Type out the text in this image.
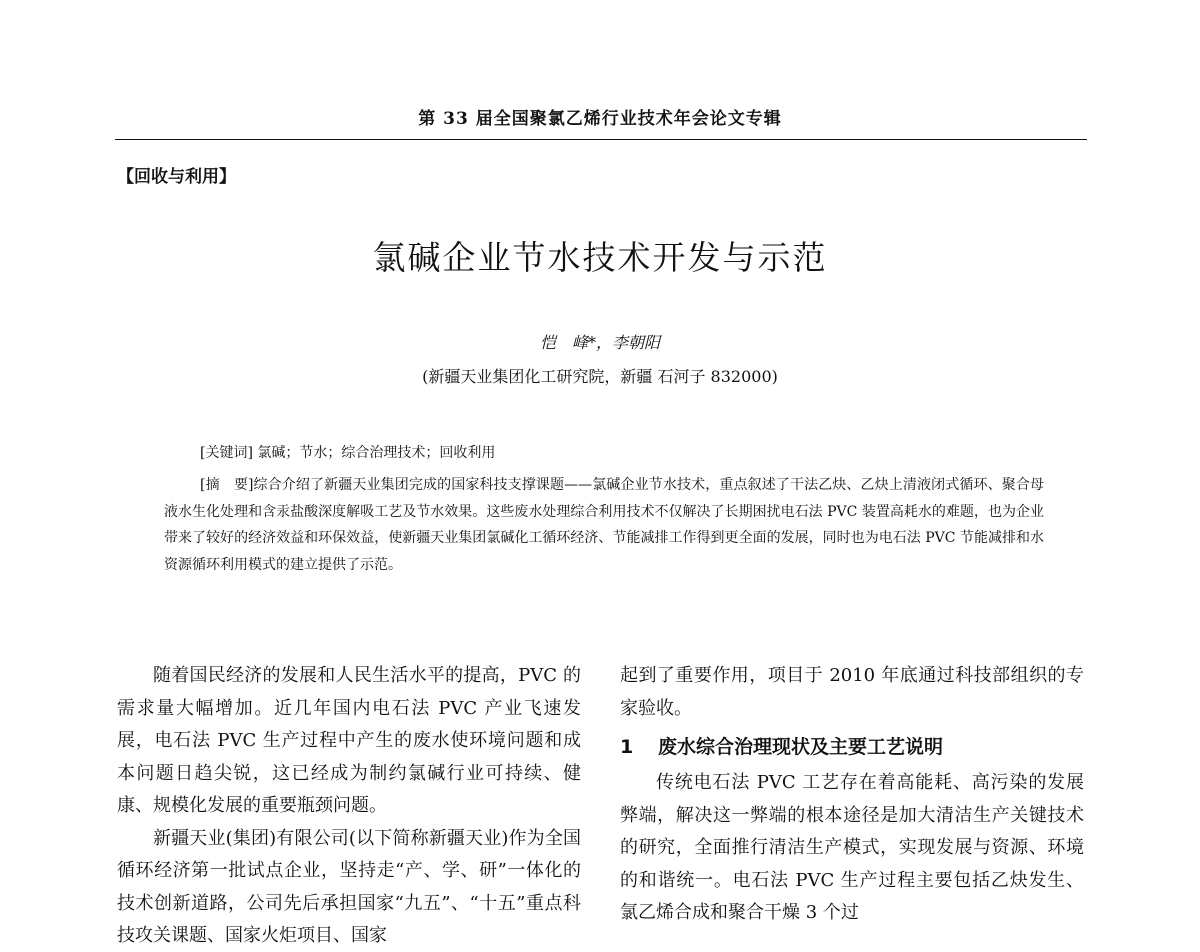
第 33 届全国聚氯乙烯行业技术年会论文专辑
【回收与利用】
氯碱企业节水技术开发与示范
恺　峰*，李朝阳
(新疆天业集团化工研究院，新疆 石河子 832000)
[关键词] 氯碱；节水；综合治理技术；回收利用
[摘　要]综合介绍了新疆天业集团完成的国家科技支撑课题——氯碱企业节水技术，重点叙述了干法乙炔、乙炔上清液闭式循环、聚合母液水生化处理和含汞盐酸深度解吸工艺及节水效果。这些废水处理综合利用技术不仅解决了长期困扰电石法 PVC 装置高耗水的难题，也为企业带来了较好的经济效益和环保效益，使新疆天业集团氯碱化工循环经济、节能减排工作得到更全面的发展，同时也为电石法 PVC 节能减排和水资源循环利用模式的建立提供了示范。

随着国民经济的发展和人民生活水平的提高，PVC 的需求量大幅增加。近几年国内电石法 PVC 产业飞速发展，电石法 PVC 生产过程中产生的废水使环境问题和成本问题日趋尖锐，这已经成为制约氯碱行业可持续、健康、规模化发展的重要瓶颈问题。

新疆天业(集团)有限公司(以下简称新疆天业)作为全国循环经济第一批试点企业，坚持走“产、学、研”一体化的技术创新道路，公司先后承担国家“九五”、“十五”重点科技攻关课题、国家火炬项目、国家

起到了重要作用，项目于 2010 年底通过科技部组织的专家验收。

1 废水综合治理现状及主要工艺说明

传统电石法 PVC 工艺存在着高能耗、高污染的发展弊端，解决这一弊端的根本途径是加大清洁生产关键技术的研究，全面推行清洁生产模式，实现发展与资源、环境的和谐统一。电石法 PVC 生产过程主要包括乙炔发生、氯乙烯合成和聚合干燥 3 个过
